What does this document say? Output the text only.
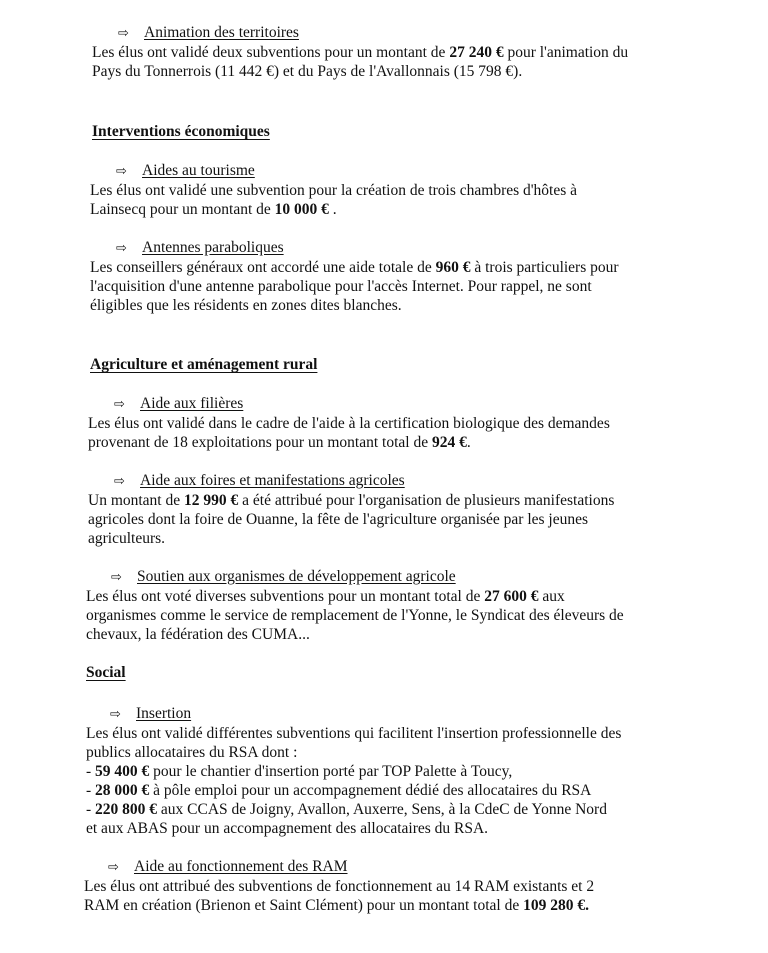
⇨ Animation des territoires
Les élus ont validé deux subventions pour un montant de 27 240 € pour l'animation du
Pays du Tonnerrois (11 442 €) et du Pays de l'Avallonnais (15 798 €).
Interventions économiques
⇨ Aides au tourisme
Les élus ont validé une subvention pour la création de trois chambres d'hôtes à
Lainsecq pour un montant de 10 000 € .
⇨ Antennes paraboliques
Les conseillers généraux ont accordé une aide totale de 960 € à trois particuliers pour
l'acquisition d'une antenne parabolique pour l'accès Internet. Pour rappel, ne sont
éligibles que les résidents en zones dites blanches.
Agriculture et aménagement rural
⇨ Aide aux filières
Les élus ont validé dans le cadre de l'aide à la certification biologique des demandes
provenant de 18 exploitations pour un montant total de 924 €.
⇨ Aide aux foires et manifestations agricoles
Un montant de 12 990 € a été attribué pour l'organisation de plusieurs manifestations
agricoles dont la foire de Ouanne, la fête de l'agriculture organisée par les jeunes
agriculteurs.
⇨ Soutien aux organismes de développement agricole
Les élus ont voté diverses subventions pour un montant total de 27 600 € aux
organismes comme le service de remplacement de l'Yonne, le Syndicat des éleveurs de
chevaux, la fédération des CUMA...
Social
⇨ Insertion
Les élus ont validé différentes subventions qui facilitent l'insertion professionnelle des
publics allocataires du RSA dont :
- 59 400 € pour le chantier d'insertion porté par TOP Palette à Toucy,
- 28 000 € à pôle emploi pour un accompagnement dédié des allocataires du RSA
- 220 800 € aux CCAS de Joigny, Avallon, Auxerre, Sens, à la CdeC de Yonne Nord
et aux ABAS pour un accompagnement des allocataires du RSA.
⇨ Aide au fonctionnement des RAM
Les élus ont attribué des subventions de fonctionnement au 14 RAM existants et 2
RAM en création (Brienon et Saint Clément) pour un montant total de 109 280 €.
